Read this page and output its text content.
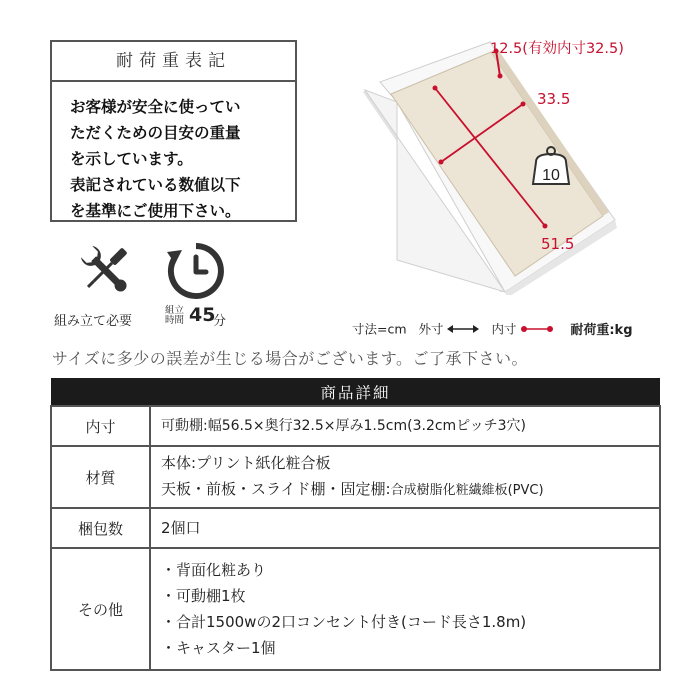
耐荷重表記
お客様が安全に使ってい
ただくための目安の重量
を示しています。
表記されている数値以下
を基準にご使用下さい。
組み立て必要
組立時間 45
分
10
12.5(有効内寸32.5)
33.5
51.5
寸法=cm 外寸	内寸	耐荷重:kg
サイズに多少の誤差が生じる場合がございます。ご了承下さい。
商品詳細	
内寸	可動棚:幅56.5×奥行32.5×厚み1.5cm(3.2cmピッチ3穴)

材質	本体:プリント紙化粧合板
天板・前板・スライド棚・固定棚:合成樹脂化粧繊維板(PVC)

梱包数	2個口

その他	・背面化粧あり
・可動棚1枚
・合計1500wの2口コンセント付き(コード長さ1.8m)
・キャスター1個
